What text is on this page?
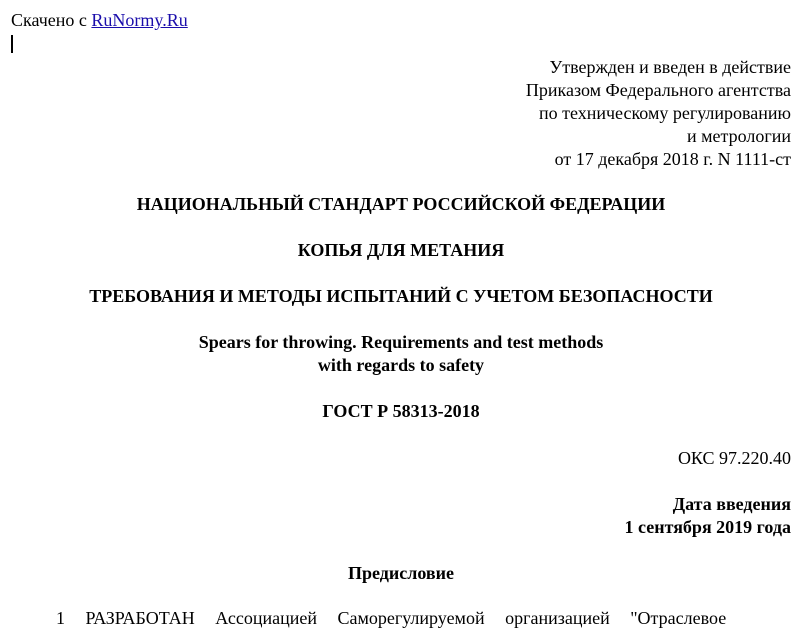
Скачено с RuNormy.Ru
Утвержден и введен в действие
Приказом Федерального агентства
по техническому регулированию
и метрологии
от 17 декабря 2018 г. N 1111-ст
НАЦИОНАЛЬНЫЙ СТАНДАРТ РОССИЙСКОЙ ФЕДЕРАЦИИ
КОПЬЯ ДЛЯ МЕТАНИЯ
ТРЕБОВАНИЯ И МЕТОДЫ ИСПЫТАНИЙ С УЧЕТОМ БЕЗОПАСНОСТИ
Spears for throwing. Requirements and test methods
with regards to safety
ГОСТ Р 58313-2018
ОКС 97.220.40
Дата введения
1 сентября 2019 года
Предисловие
1 РАЗРАБОТАН Ассоциацией Саморегулируемой организацией "Отраслевое
